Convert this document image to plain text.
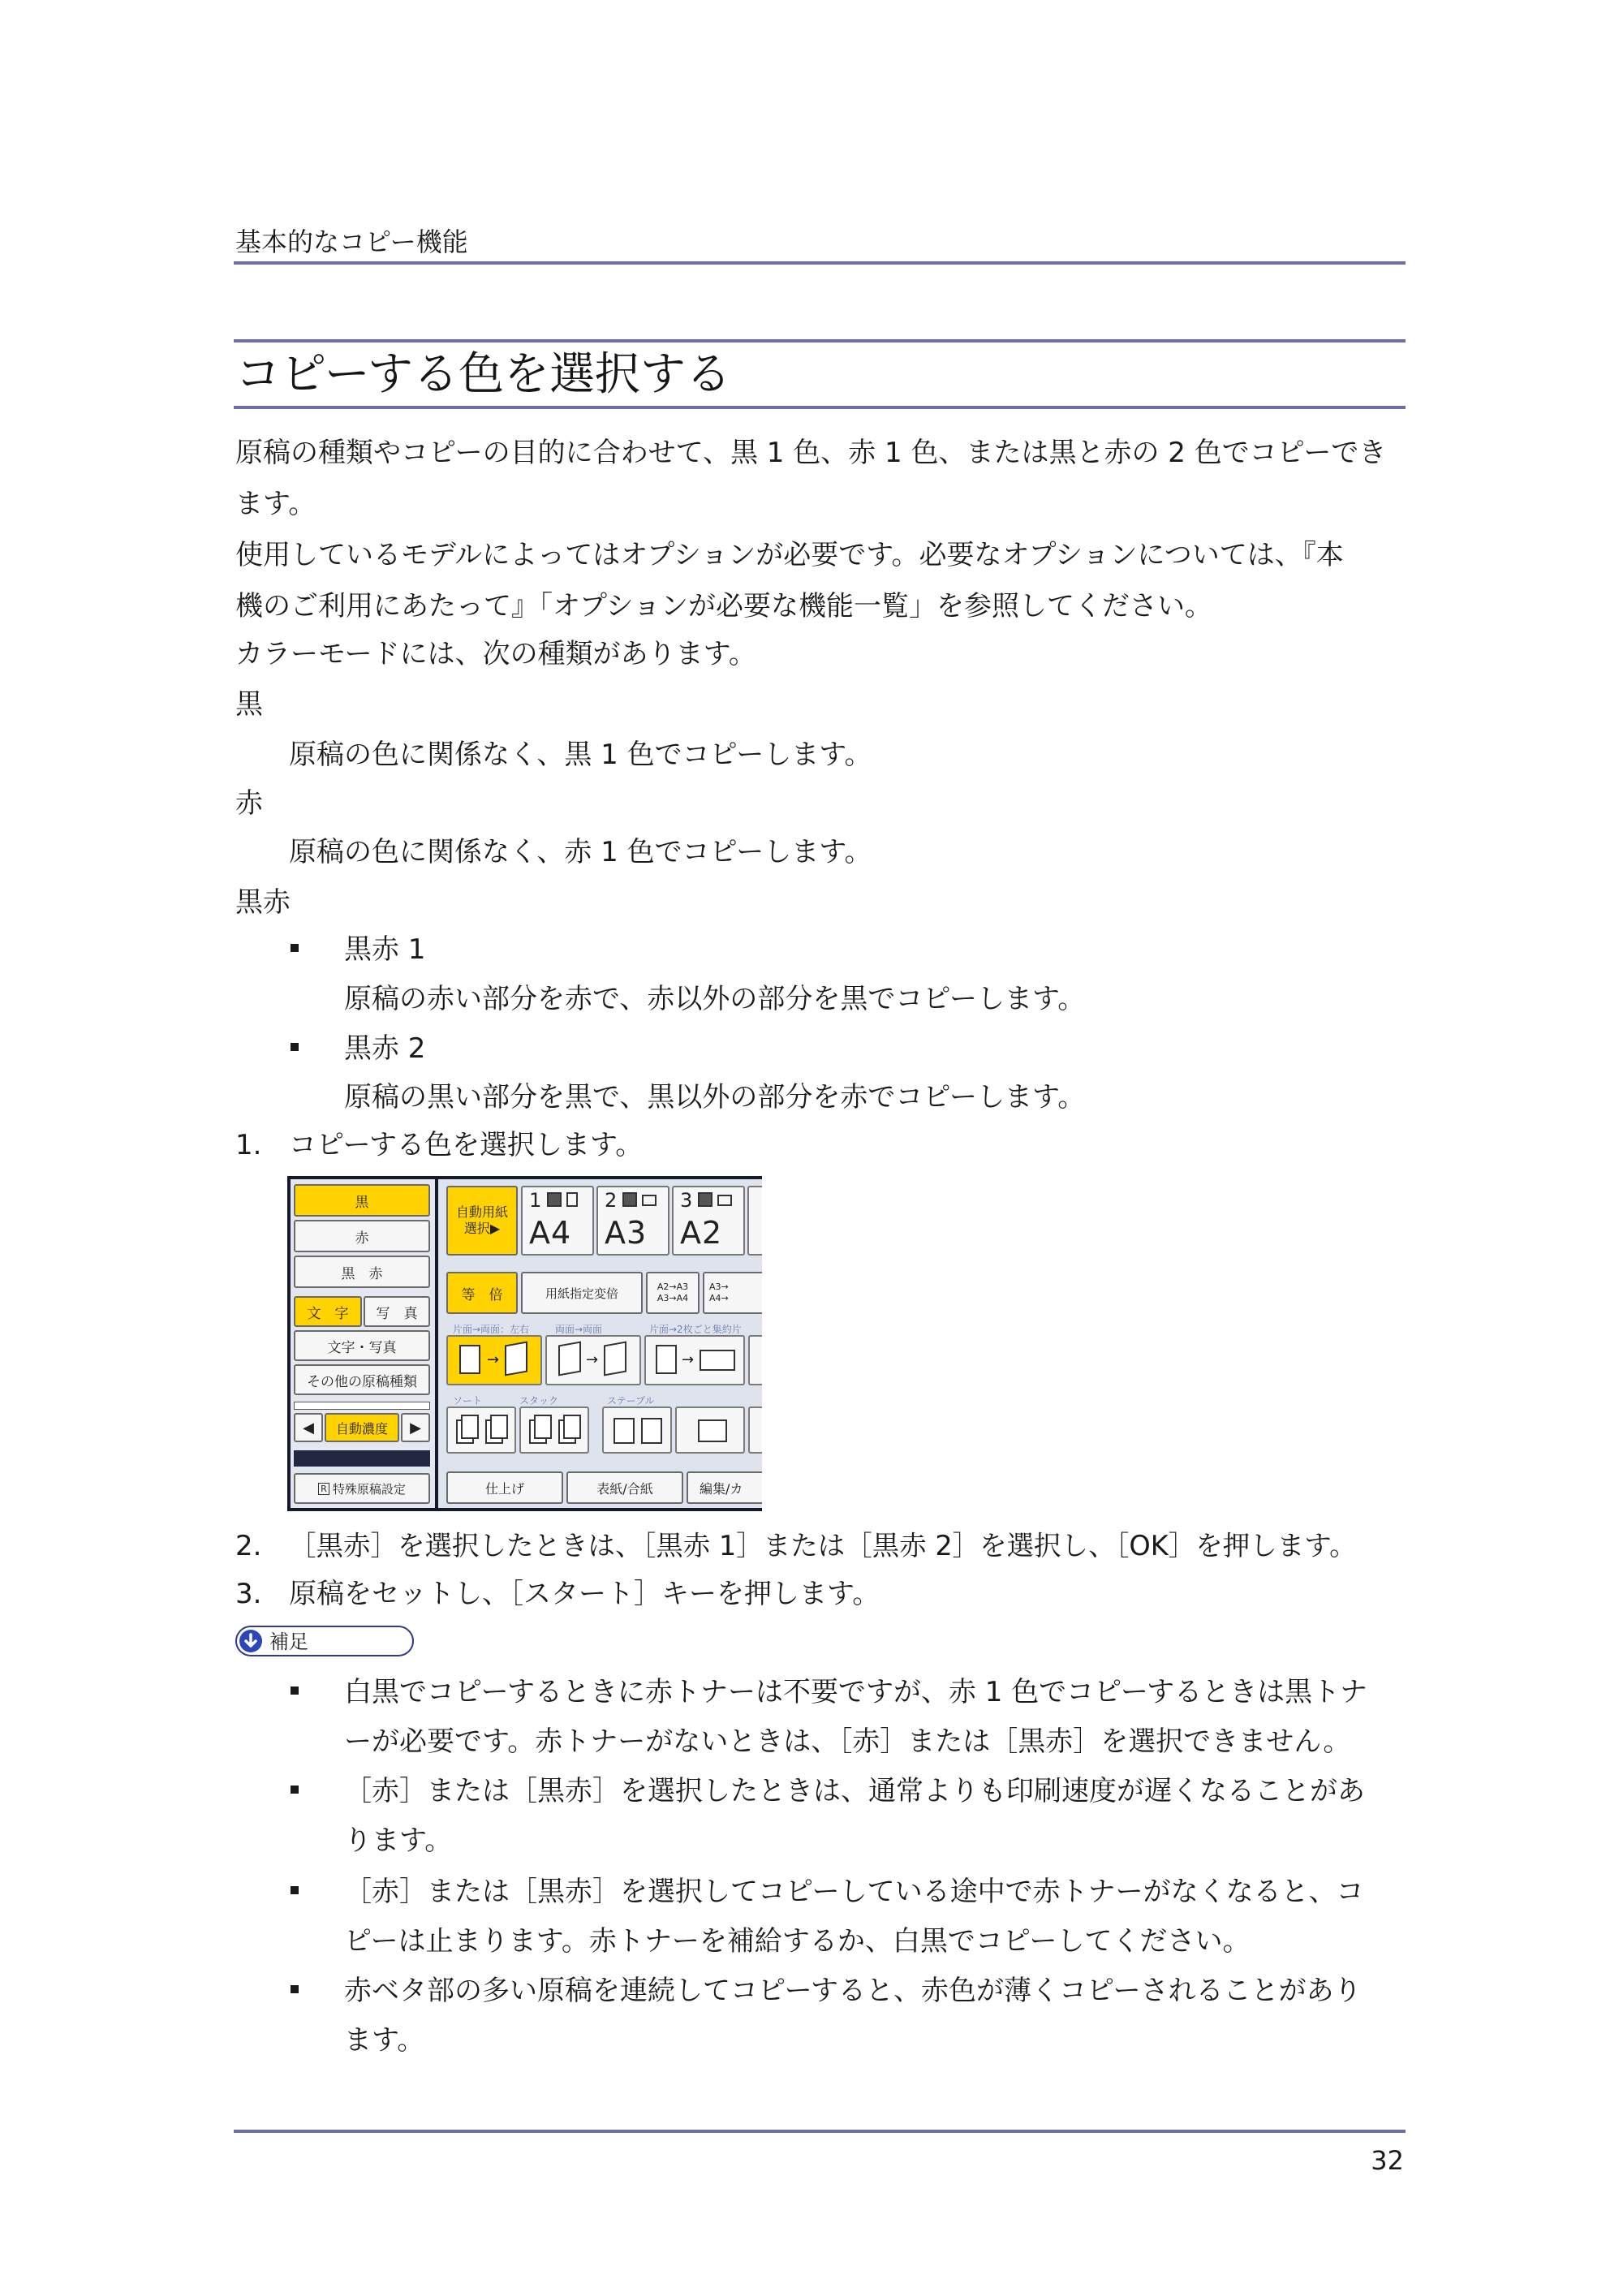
基本的なコピー機能
コピーする色を選択する
原稿の種類やコピーの目的に合わせて、黒 1 色、赤 1 色、または黒と赤の 2 色でコピーでき
ます。
使用しているモデルによってはオプションが必要です。必要なオプションについては、『本
機のご利用にあたって』「オプションが必要な機能一覧」を参照してください。
カラーモードには、次の種類があります。
黒
原稿の色に関係なく、黒 1 色でコピーします。
赤
原稿の色に関係なく、赤 1 色でコピーします。
黒赤
黒赤 1
原稿の赤い部分を赤で、赤以外の部分を黒でコピーします。
黒赤 2
原稿の黒い部分を黒で、黒以外の部分を赤でコピーします。
1. コピーする色を選択します。
黒
赤
黒　赤
文　字	写　真
文字・写真
その他の原稿種類
◀	自動濃度	▶
R 特殊原稿設定
自動用紙
選択▶
1
A4
2
A3
3
A2
等　倍	用紙指定変倍	A2→A3
A3→A4
A3→
A4→
片面→両面：左右	両面→両面	片面→2枚ごと集約片
→	→	→
ソート	スタック	ステープル
仕上げ	表紙/合紙	編集/カ
2. ［黒赤］を選択したときは、［黒赤 1］または［黒赤 2］を選択し、［OK］を押します。
3. 原稿をセットし、［スタート］キーを押します。
補足
白黒でコピーするときに赤トナーは不要ですが、赤 1 色でコピーするときは黒トナ
ーが必要です。赤トナーがないときは、［赤］または［黒赤］を選択できません。
［赤］または［黒赤］を選択したときは、通常よりも印刷速度が遅くなることがあ
ります。
［赤］または［黒赤］を選択してコピーしている途中で赤トナーがなくなると、コ
ピーは止まります。赤トナーを補給するか、白黒でコピーしてください。
赤ベタ部の多い原稿を連続してコピーすると、赤色が薄くコピーされることがあり
ます。
32
